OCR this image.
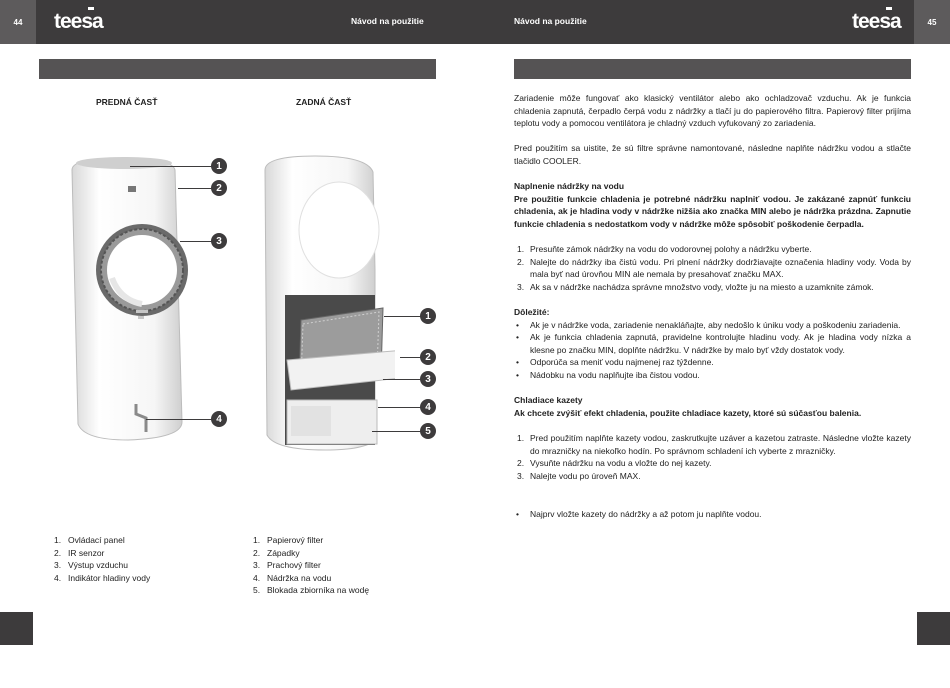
44	45
teesa	teesa
Návod na použitie	Návod na použitie
PREDNÁ ČASŤ	ZADNÁ ČASŤ
1
2
3
4
1
2
3
4
5
1. Ovládací panel
2. IR senzor
3. Výstup vzduchu
4. Indikátor hladiny vody
1. Papierový filter
2. Západky
3. Prachový filter
4. Nádržka na vodu
5. Blokada zbiorníka na wodę

Zariadenie môže fungovať ako klasický ventilátor alebo ako ochladzovač vzduchu. Ak je funkcia chladenia zapnutá, čerpadlo čerpá vodu z nádržky a tlačí ju do papierového filtra. Papierový filter prijíma teplotu vody a pomocou ventilátora je chladný vzduch vyfukovaný zo zariadenia.

Pred použitím sa uistite, že sú filtre správne namontované, následne naplňte nádržku vodou a stlačte tlačidlo COOLER.

Naplnenie nádržky na vodu

Pre použitie funkcie chladenia je potrebné nádržku naplniť vodou. Je zakázané zapnúť funkciu chladenia, ak je hladina vody v nádržke nižšia ako značka MIN alebo je nádržka prázdna. Zapnutie funkcie chladenia s nedostatkom vody v nádržke môže spôsobiť poškodenie čerpadla.

1. Presuňte zámok nádržky na vodu do vodorovnej polohy a nádržku vyberte.
2. Nalejte do nádržky iba čistú vodu. Pri plnení nádržky dodržiavajte označenia hladiny vody. Voda by mala byť nad úrovňou MIN ale nemala by presahovať značku MAX.
3. Ak sa v nádržke nachádza správne množstvo vody, vložte ju na miesto a uzamknite zámok.

Dôležité:

• Ak je v nádržke voda, zariadenie nenakláňajte, aby nedošlo k úniku vody a poškodeniu zariadenia.
• Ak je funkcia chladenia zapnutá, pravidelne kontrolujte hladinu vody. Ak je hladina vody nízka a klesne po značku MIN, doplňte nádržku. V nádržke by malo byť vždy dostatok vody.
• Odporúča sa meniť vodu najmenej raz týždenne.
• Nádobku na vodu naplňujte iba čistou vodou.

Chladiace kazety

Ak chcete zvýšiť efekt chladenia, použite chladiace kazety, ktoré sú súčasťou balenia.

1. Pred použitím naplňte kazety vodou, zaskrutkujte uzáver a kazetou zatraste. Následne vložte kazety do mrazničky na niekoľko hodín. Po správnom schladení ich vyberte z mrazničky.
2. Vysuňte nádržku na vodu a vložte do nej kazety.
3. Nalejte vodu po úroveň MAX.
• Najprv vložte kazety do nádržky a až potom ju naplňte vodou.
